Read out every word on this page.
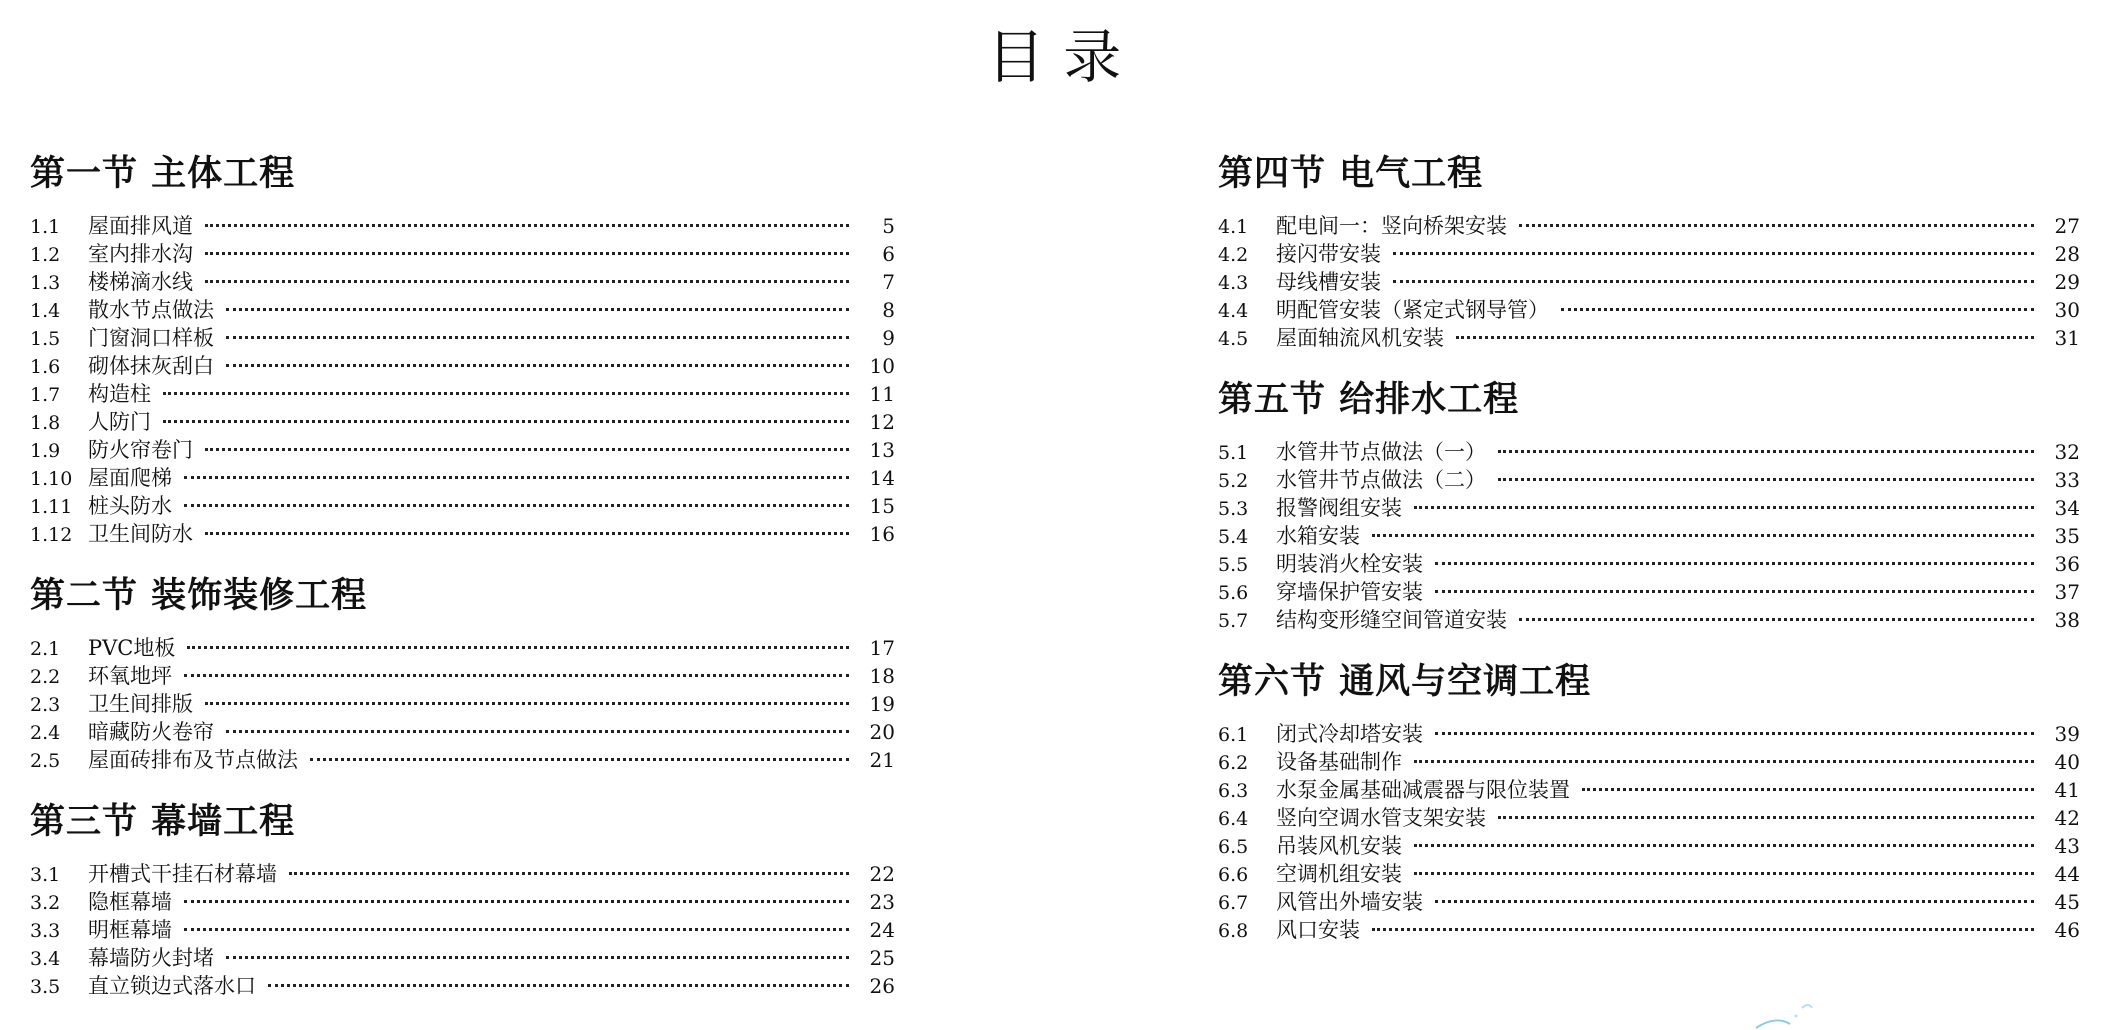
目 录
第一节 主体工程
1.1	屋面排风道	5
1.2	室内排水沟	6
1.3	楼梯滴水线	7
1.4	散水节点做法	8
1.5	门窗洞口样板	9
1.6	砌体抹灰刮白	10
1.7	构造柱	11
1.8	人防门	12
1.9	防火帘卷门	13
1.10 屋面爬梯	14
1.11 桩头防水	15
1.12 卫生间防水	16
第二节 装饰装修工程
2.1	PVC地板	17
2.2	环氧地坪	18
2.3	卫生间排版	19
2.4	暗藏防火卷帘	20
2.5	屋面砖排布及节点做法	21
第三节 幕墙工程
3.1	开槽式干挂石材幕墙	22
3.2	隐框幕墙	23
3.3	明框幕墙	24
3.4	幕墙防火封堵	25
3.5	直立锁边式落水口	26
第四节 电气工程
4.1	配电间一：竖向桥架安装	27
4.2	接闪带安装	28
4.3	母线槽安装	29
4.4	明配管安装（紧定式钢导管）	30
4.5	屋面轴流风机安装	31
第五节 给排水工程
5.1	水管井节点做法（一）	32
5.2	水管井节点做法（二）	33
5.3	报警阀组安装	34
5.4	水箱安装	35
5.5	明装消火栓安装	36
5.6	穿墙保护管安装	37
5.7	结构变形缝空间管道安装	38
第六节 通风与空调工程
6.1	闭式冷却塔安装	39
6.2	设备基础制作	40
6.3	水泵金属基础减震器与限位装置	41
6.4	竖向空调水管支架安装	42
6.5	吊装风机安装	43
6.6	空调机组安装	44
6.7	风管出外墙安装	45
6.8	风口安装	46
